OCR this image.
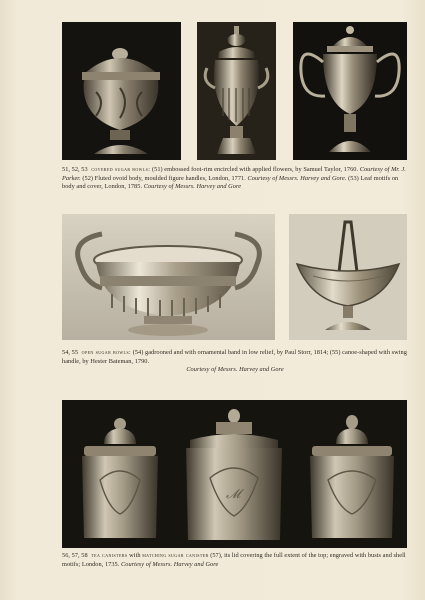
51, 52, 53 covered sugar bowls: (51) embossed foot-rim encircled with applied flowers, by Samuel Taylor, 1760. Courtesy of Mr. J. Parker. (52) Fluted ovoid body, moulded figure handles, London, 1771. Courtesy of Messrs. Harvey and Gore. (53) Leaf motifs on body and cover, London, 1785. Courtesy of Messrs. Harvey and Gore
54, 55 open sugar bowls: (54) gadrooned and with ornamental band in low relief, by Paul Storr, 1814; (55) canoe-shaped with swing handle, by Hester Bateman, 1790.
Courtesy of Messrs. Harvey and Gore
𝓜
56, 57, 58 tea canisters with matching sugar canister (57), its lid covering the full extent of the top; engraved with busts and shell motifs; London, 1735. Courtesy of Messrs. Harvey and Gore
